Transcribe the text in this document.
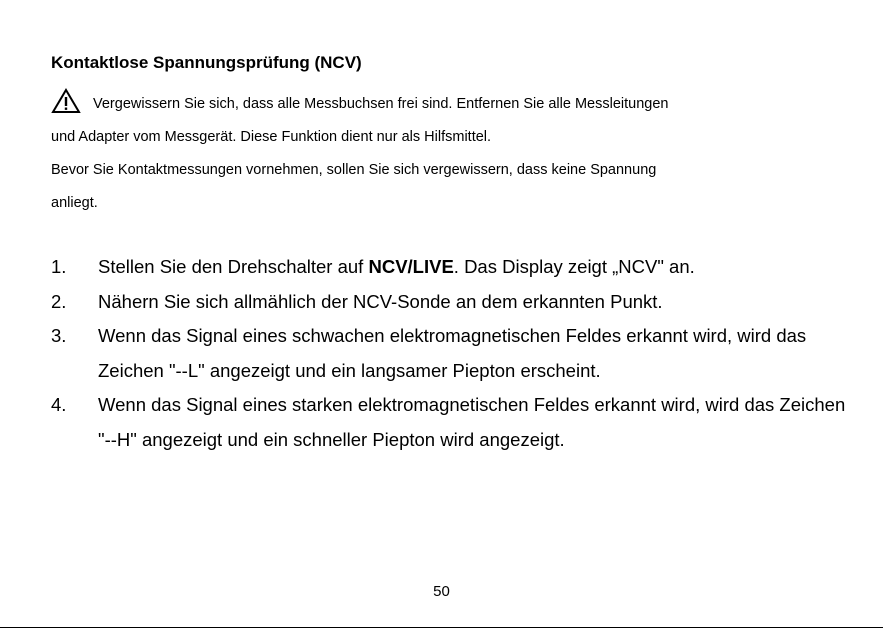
Kontaktlose Spannungsprüfung (NCV)
Vergewissern Sie sich, dass alle Messbuchsen frei sind. Entfernen Sie alle Messleitungen
und Adapter vom Messgerät. Diese Funktion dient nur als Hilfsmittel.
Bevor Sie Kontaktmessungen vornehmen, sollen Sie sich vergewissern, dass keine Spannung
anliegt.
1. Stellen Sie den Drehschalter auf NCV/LIVE. Das Display zeigt „NCV" an.
2. Nähern Sie sich allmählich der NCV-Sonde an dem erkannten Punkt.
3. Wenn das Signal eines schwachen elektromagnetischen Feldes erkannt wird, wird das Zeichen "--L" angezeigt und ein langsamer Piepton erscheint.
4. Wenn das Signal eines starken elektromagnetischen Feldes erkannt wird, wird das Zeichen "--H" angezeigt und ein schneller Piepton wird angezeigt.
50
